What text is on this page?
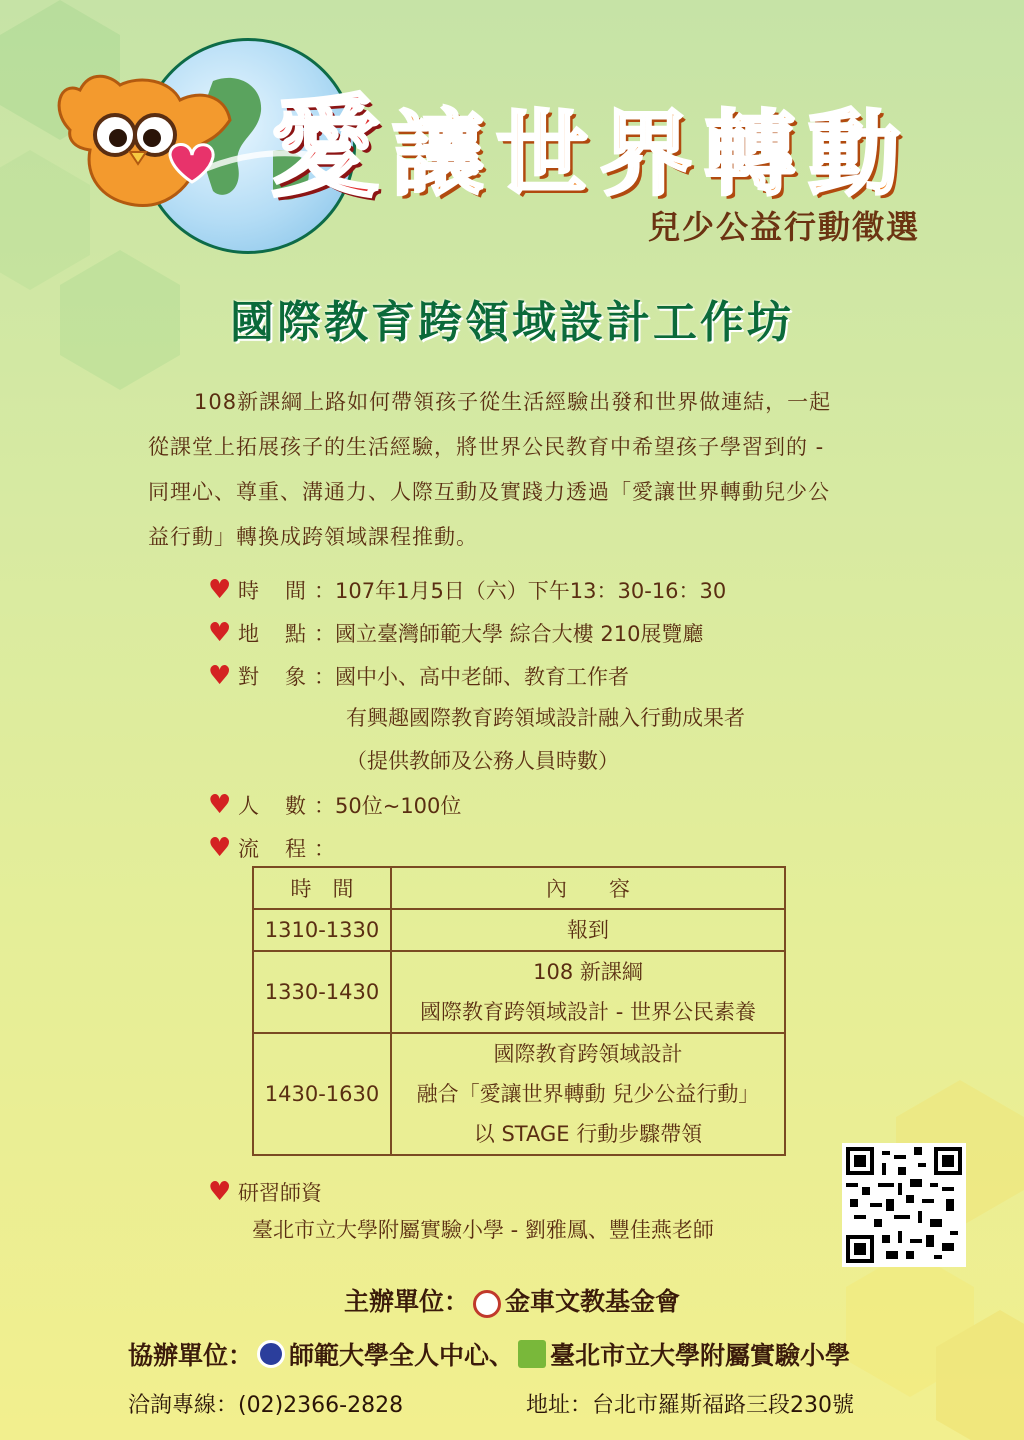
愛讓世界轉動
兒少公益行動徵選
國際教育跨領域設計工作坊

108新課綱上路如何帶領孩子從生活經驗出發和世界做連結，一起

從課堂上拓展孩子的生活經驗，將世界公民教育中希望孩子學習到的 -

同理心、尊重、溝通力、人際互動及實踐力透過「愛讓世界轉動兒少公

益行動」轉換成跨領域課程推動。

♥ 時 間 ：107年1月5日（六）下午13：30-16：30
♥ 地 點 ：國立臺灣師範大學 綜合大樓 210展覽廳
♥ 對 象 ：國中小、高中老師、教育工作者
有興趣國際教育跨領域設計融入行動成果者
（提供教師及公務人員時數）
♥ 人 數 ：50位~100位
♥ 流 程 ：
時　間	內　　容
1310-1330	報到

1330-1430	108 新課綱
國際教育跨領域設計 - 世界公民素養

1430-1630	國際教育跨領域設計
融合「愛讓世界轉動 兒少公益行動」
以 STAGE 行動步驟帶領
♥ 研習師資
臺北市立大學附屬實驗小學 - 劉雅鳳、豐佳燕老師
主辦單位： 金車文教基金會
協辦單位： 師範大學全人中心、 臺北市立大學附屬實驗小學
洽詢專線：(02)2366-2828	地址：台北市羅斯福路三段230號
